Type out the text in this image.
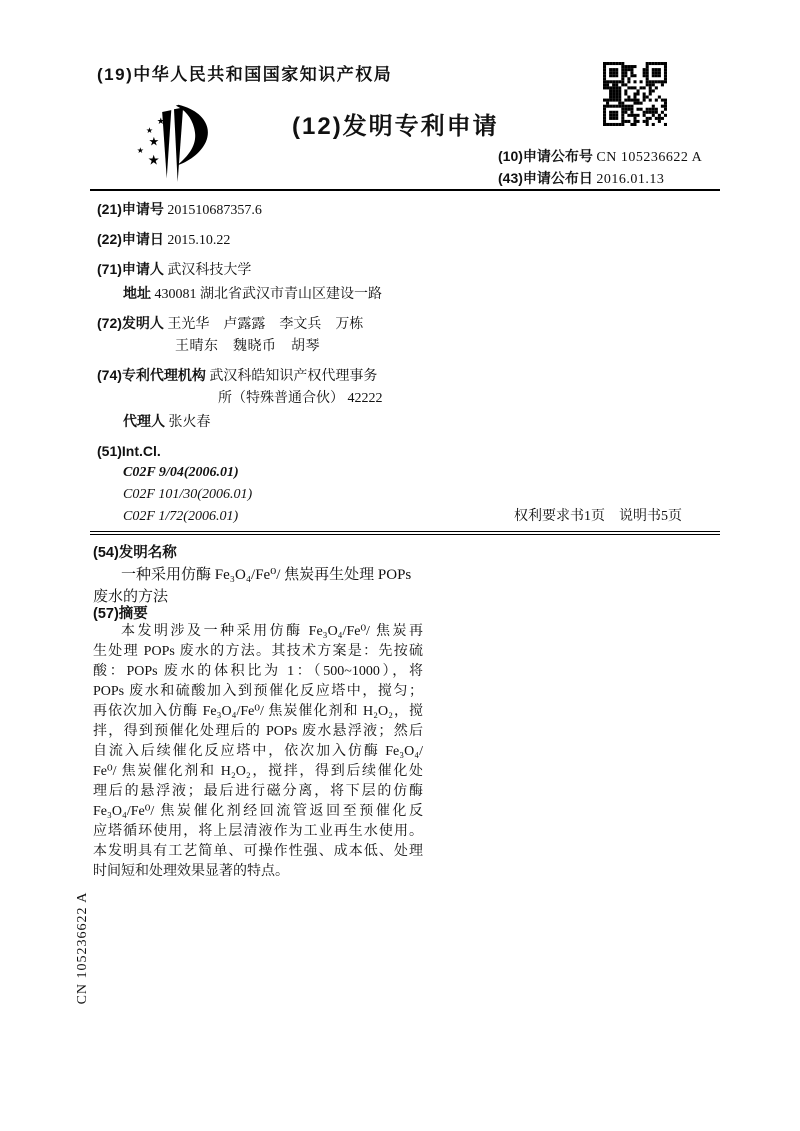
(19)中华人民共和国国家知识产权局
★
★
★
★
★
(12)发明专利申请
(10)申请公布号 CN 105236622 A
(43)申请公布日 2016.01.13
(21)申请号 201510687357.6
(22)申请日 2015.10.22
(71)申请人 武汉科技大学
地址 430081 湖北省武汉市青山区建设一路
(72)发明人 王光华　卢露露　李文兵　万栋
王晴东　魏晓币　胡琴
(74)专利代理机构 武汉科皓知识产权代理事务
所（特殊普通合伙） 42222
代理人 张火春
(51)Int.Cl.
C02F 9/04(2006.01)
C02F 101/30(2006.01)
C02F 1/72(2006.01)	权利要求书1页　说明书5页
(54)发明名称
一种采用仿酶 Fe₃O₄/Fe⁰/ 焦炭再生处理 POPs
废水的方法
(57)摘要
本发明涉及一种采用仿酶 Fe₃O₄/Fe⁰/ 焦炭再
生处理 POPs 废水的方法。其技术方案是：先按硫
酸：POPs 废水的体积比为 1：（500~1000），将
POPs 废水和硫酸加入到预催化反应塔中，搅匀；
再依次加入仿酶 Fe₃O₄/Fe⁰/ 焦炭催化剂和 H₂O₂，搅
拌，得到预催化处理后的 POPs 废水悬浮液；然后
自流入后续催化反应塔中，依次加入仿酶 Fe₃O₄/
Fe⁰/ 焦炭催化剂和 H₂O₂，搅拌，得到后续催化处
理后的悬浮液；最后进行磁分离，将下层的仿酶
Fe₃O₄/Fe⁰/ 焦炭催化剂经回流管返回至预催化反
应塔循环使用，将上层清液作为工业再生水使用。
本发明具有工艺简单、可操作性强、成本低、处理
时间短和处理效果显著的特点。
CN 105236622 A
